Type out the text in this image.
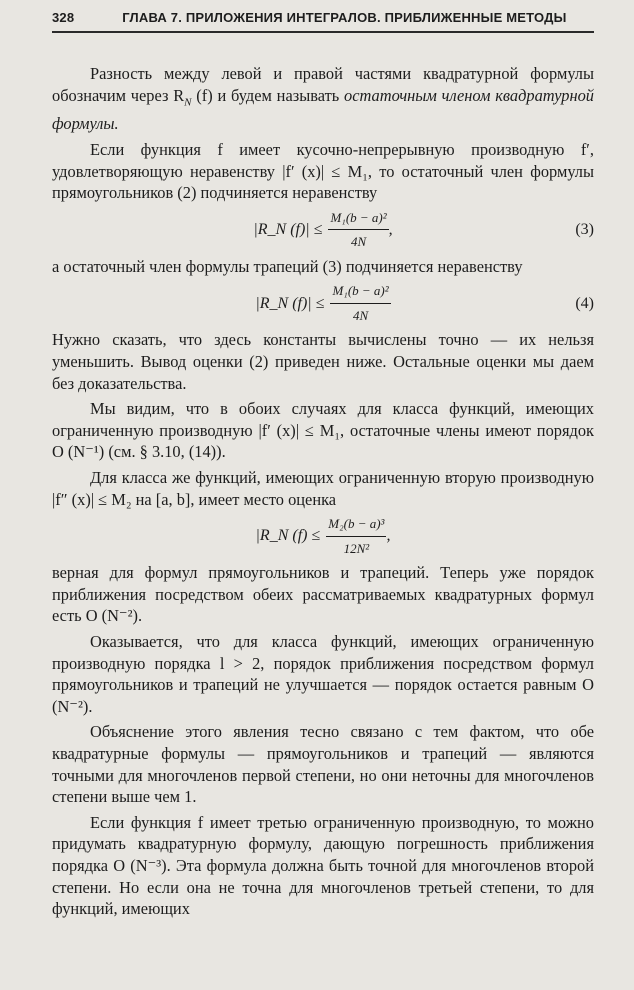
328	ГЛАВА 7. ПРИЛОЖЕНИЯ ИНТЕГРАЛОВ. ПРИБЛИЖЕННЫЕ МЕТОДЫ

Разность между левой и правой частями квадратурной формулы обозначим через $R_N$ (f) и будем называть остаточным членом квадратурной формулы.

Если функция f имеет кусочно-непрерывную производную f′, удовлетворяющую неравенству |f′ (x)| ≤ M₁, то остаточный член формулы прямоугольников (2) подчиняется неравенству

|R_N $(f)| \le \frac{\text{M₁(b − a)²}}{4N}$ ,	(3)

а остаточный член формулы трапеций (3) подчиняется неравенству

|R_N $(f)| \le \frac{\text{M₁(b − a)²}}{4N}$	(4)

Нужно сказать, что здесь константы вычислены точно — их нельзя уменьшить. Вывод оценки (2) приведен ниже. Остальные оценки мы даем без доказательства.

Мы видим, что в обоих случаях для класса функций, имеющих ограниченную производную |f′ (x)| ≤ M₁, остаточные члены имеют порядок O (N⁻¹) (см. § 3.10, (14)).

Для класса же функций, имеющих ограниченную вторую производную |f″ (x)| ≤ M₂ на [a, b], имеет место оценка

|R_N $(f) \le \frac{\text{M₂(b − a)³}}{\text{12N²}}$ ,

верная для формул прямоугольников и трапеций. Теперь уже порядок приближения посредством обеих рассматриваемых квадратурных формул есть O (N⁻²).

Оказывается, что для класса функций, имеющих ограниченную производную порядка l > 2, порядок приближения посредством формул прямоугольников и трапеций не улучшается — порядок остается равным O (N⁻²).

Объяснение этого явления тесно связано с тем фактом, что обе квадратурные формулы — прямоугольников и трапеций — являются точными для многочленов первой степени, но они неточны для многочленов степени выше чем 1.

Если функция f имеет третью ограниченную производную, то можно придумать квадратурную формулу, дающую погрешность приближения порядка O (N⁻³). Эта формула должна быть точной для многочленов второй степени. Но если она не точна для многочленов третьей степени, то для функций, имеющих
